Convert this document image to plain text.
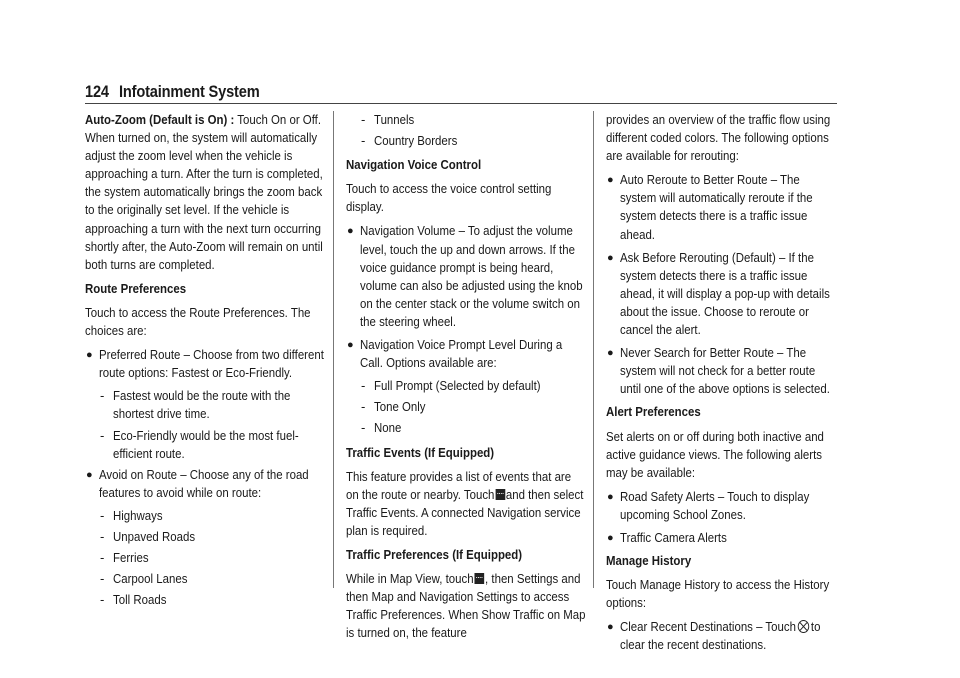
124 Infotainment System

Auto-Zoom (Default is On) : Touch On or Off. When turned on, the system will automatically adjust the zoom level when the vehicle is approaching a turn. After the turn is completed, the system automatically brings the zoom back to the originally set level. If the vehicle is approaching a turn with the next turn occurring shortly after, the Auto-Zoom will remain on until both turns are completed.

Route Preferences

Touch to access the Route Preferences. The choices are:

● Preferred Route – Choose from two different route options: Fastest or Eco-Friendly.
- Fastest would be the route with the shortest drive time.
- Eco-Friendly would be the most fuel-efficient route.
● Avoid on Route – Choose any of the road features to avoid while on route:
- Highways
- Unpaved Roads
- Ferries
- Carpool Lanes
- Toll Roads
- Tunnels
- Country Borders

Navigation Voice Control

Touch to access the voice control setting display.

● Navigation Volume – To adjust the volume level, touch the up and down arrows. If the voice guidance prompt is being heard, volume can also be adjusted using the knob on the center stack or the volume switch on the steering wheel.
● Navigation Voice Prompt Level During a Call. Options available are:
- Full Prompt (Selected by default)
- Tone Only
- None

Traffic Events (If Equipped)

This feature provides a list of events that are on the route or nearby. Touch and then select Traffic Events. A connected Navigation service plan is required.

Traffic Preferences (If Equipped)

While in Map View, touch , then Settings and then Map and Navigation Settings to access Traffic Preferences. When Show Traffic on Map is turned on, the feature

provides an overview of the traffic flow using different coded colors. The following options are available for rerouting:

● Auto Reroute to Better Route – The system will automatically reroute if the system detects there is a traffic issue ahead.
● Ask Before Rerouting (Default) – If the system detects there is a traffic issue ahead, it will display a pop-up with details about the issue. Choose to reroute or cancel the alert.
● Never Search for Better Route – The system will not check for a better route until one of the above options is selected.

Alert Preferences

Set alerts on or off during both inactive and active guidance views. The following alerts may be available:

● Road Safety Alerts – Touch to display upcoming School Zones.
● Traffic Camera Alerts

Manage History

Touch Manage History to access the History options:

● Clear Recent Destinations – Touch to clear the recent destinations.
